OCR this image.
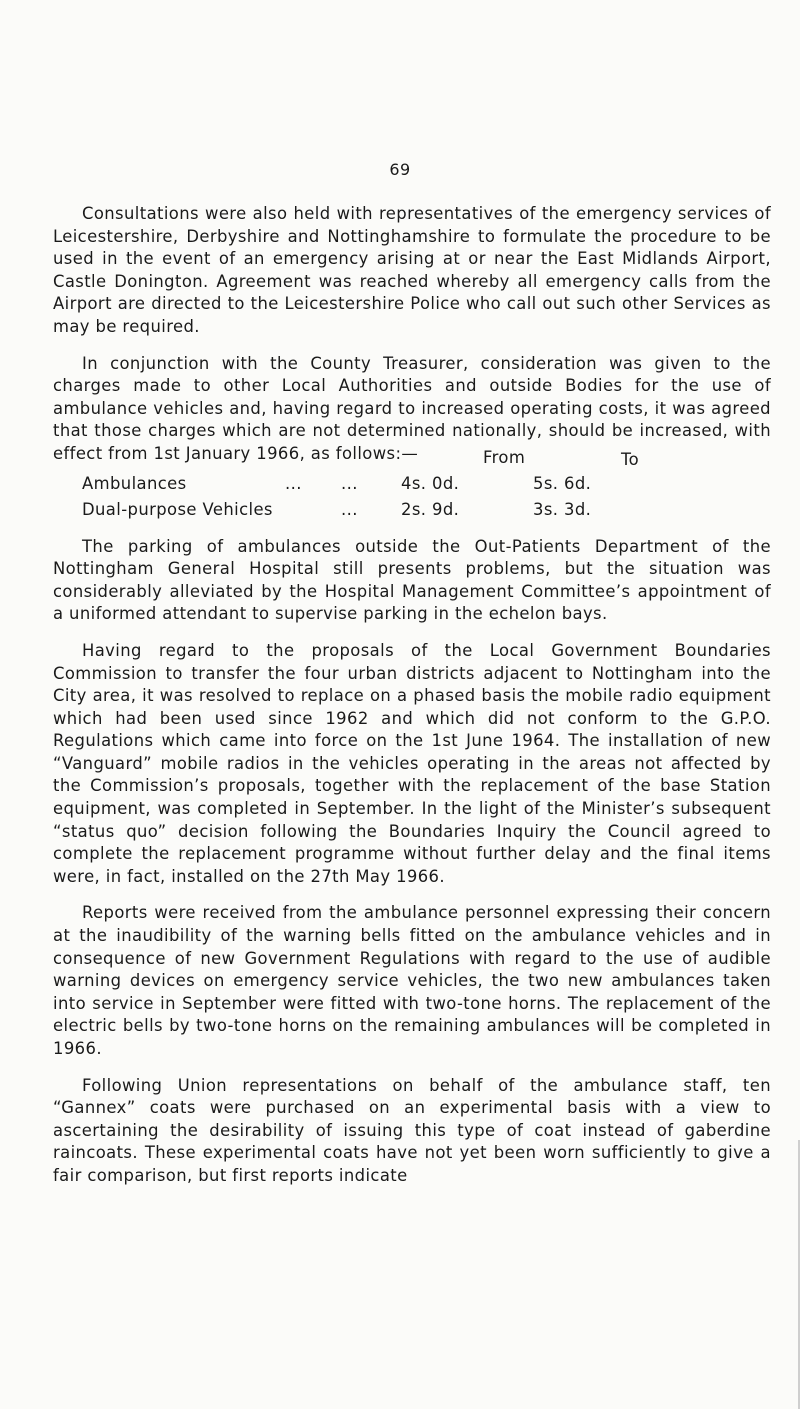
69

Consultations were also held with representatives of the emergency services of Leicestershire, Derbyshire and Nottinghamshire to formulate the procedure to be used in the event of an emergency arising at or near the East Midlands Airport, Castle Donington. Agreement was reached whereby all emergency calls from the Airport are directed to the Leicestershire Police who call out such other Services as may be required.

In conjunction with the County Treasurer, consideration was given to the charges made to other Local Authorities and outside Bodies for the use of ambulance vehicles and, having regard to increased operating costs, it was agreed that those charges which are not determined nationally, should be increased, with effect from 1st January 1966, as follows:—	From	To
Ambulances	... ...	4s. 0d.	5s. 6d.
Dual-purpose Vehicles	...	2s. 9d.	3s. 3d.

The parking of ambulances outside the Out-Patients Department of the Nottingham General Hospital still presents problems, but the situation was considerably alleviated by the Hospital Management Committee’s appointment of a uniformed attendant to supervise parking in the echelon bays.

Having regard to the proposals of the Local Government Boundaries Commission to transfer the four urban districts adjacent to Nottingham into the City area, it was resolved to replace on a phased basis the mobile radio equipment which had been used since 1962 and which did not conform to the G.P.O. Regulations which came into force on the 1st June 1964. The installation of new “Vanguard” mobile radios in the vehicles operating in the areas not affected by the Commission’s proposals, together with the replacement of the base Station equipment, was completed in September. In the light of the Minister’s subsequent “status quo” decision following the Boundaries Inquiry the Council agreed to complete the replacement programme without further delay and the final items were, in fact, installed on the 27th May 1966.

Reports were received from the ambulance personnel expressing their concern at the inaudibility of the warning bells fitted on the ambulance vehicles and in consequence of new Government Regulations with regard to the use of audible warning devices on emergency service vehicles, the two new ambulances taken into service in September were fitted with two-tone horns. The replacement of the electric bells by two-tone horns on the remaining ambulances will be completed in 1966.

Following Union representations on behalf of the ambulance staff, ten “Gannex” coats were purchased on an experimental basis with a view to ascertaining the desirability of issuing this type of coat instead of gaberdine raincoats. These experimental coats have not yet been worn sufficiently to give a fair comparison, but first reports indicate
